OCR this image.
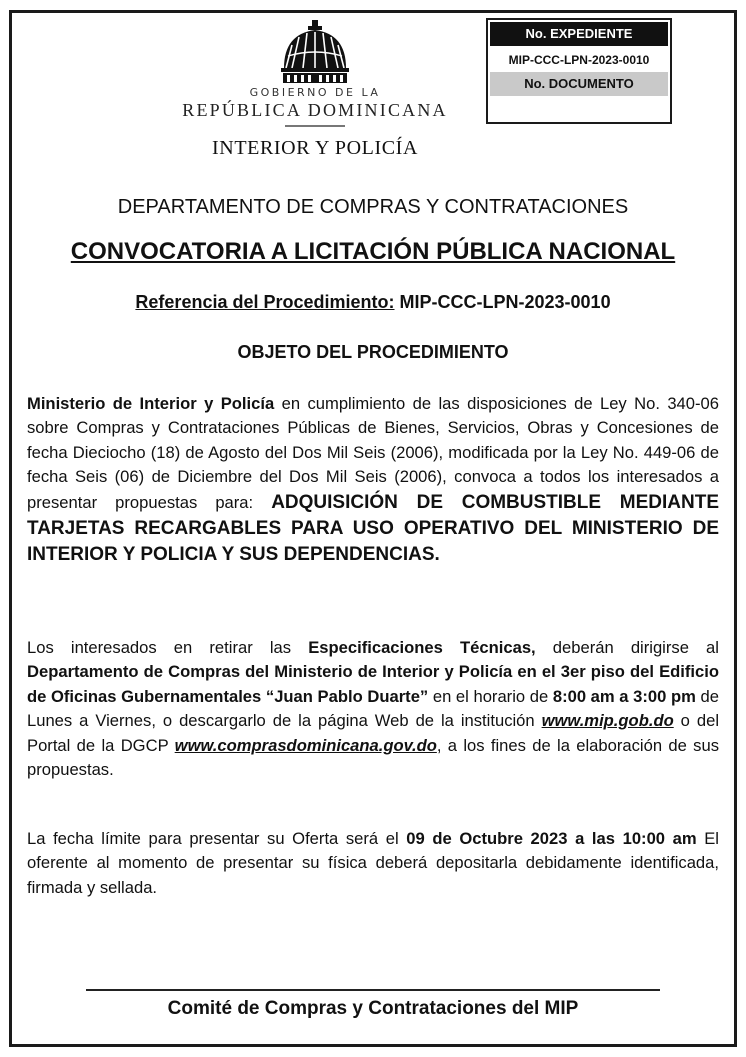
GOBIERNO DE LA
REPÚBLICA DOMINICANA
INTERIOR Y POLICÍA
No. EXPEDIENTE
MIP-CCC-LPN-2023-0010
No. DOCUMENTO
DEPARTAMENTO DE COMPRAS Y CONTRATACIONES
CONVOCATORIA A LICITACIÓN PÚBLICA NACIONAL
Referencia del Procedimiento: MIP-CCC-LPN-2023-0010
OBJETO DEL PROCEDIMIENTO
Ministerio de Interior y Policía en cumplimiento de las disposiciones de Ley No. 340-06 sobre Compras y Contrataciones Públicas de Bienes, Servicios, Obras y Concesiones de fecha Dieciocho (18) de Agosto del Dos Mil Seis (2006), modificada por la Ley No. 449-06 de fecha Seis (06) de Diciembre del Dos Mil Seis (2006), convoca a todos los interesados a presentar propuestas para: ADQUISICIÓN DE COMBUSTIBLE MEDIANTE TARJETAS RECARGABLES PARA USO OPERATIVO DEL MINISTERIO DE INTERIOR Y POLICIA Y SUS DEPENDENCIAS.
Los interesados en retirar las Especificaciones Técnicas, deberán dirigirse al Departamento de Compras del Ministerio de Interior y Policía en el 3er piso del Edificio de Oficinas Gubernamentales “Juan Pablo Duarte” en el horario de 8:00 am a 3:00 pm de Lunes a Viernes, o descargarlo de la página Web de la institución www.mip.gob.do o del Portal de la DGCP www.comprasdominicana.gov.do, a los fines de la elaboración de sus propuestas.
La fecha límite para presentar su Oferta será el 09 de Octubre 2023 a las 10:00 am El oferente al momento de presentar su física deberá depositarla debidamente identificada, firmada y sellada.
Comité de Compras y Contrataciones del MIP
